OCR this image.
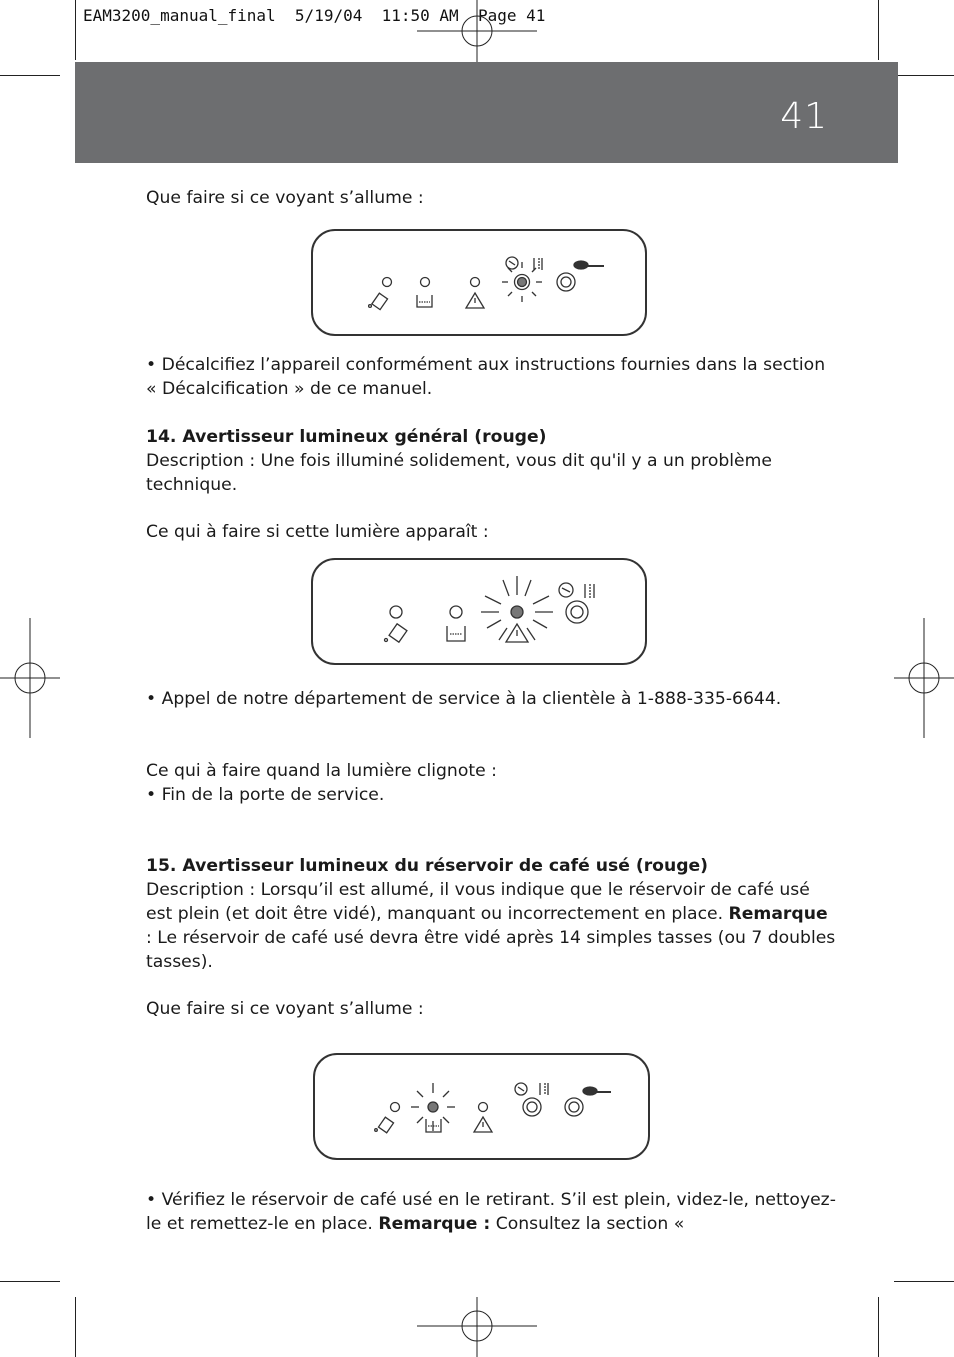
EAM3200_manual_final 5/19/04 11:50 AM Page 41
41
Que faire si ce voyant s’allume :
• Décalcifiez l’appareil conformément aux instructions fournies dans la section « Décalcification » de ce manuel.
14. Avertisseur lumineux général (rouge)
Description : Une fois illuminé solidement, vous dit qu'il y a un problème technique.
Ce qui à faire si cette lumière apparaît :
• Appel de notre département de service à la clientèle à 1-888-335-6644.
Ce qui à faire quand la lumière clignote :
• Fin de la porte de service.
15. Avertisseur lumineux du réservoir de café usé (rouge)
Description : Lorsqu’il est allumé, il vous indique que le réservoir de café usé est plein (et doit être vidé), manquant ou incorrectement en place. Remarque : Le réservoir de café usé devra être vidé après 14 simples tasses (ou 7 doubles tasses).
Que faire si ce voyant s’allume :
• Vérifiez le réservoir de café usé en le retirant. S’il est plein, videz-le, nettoyez-le et remettez-le en place. Remarque : Consultez la section «
